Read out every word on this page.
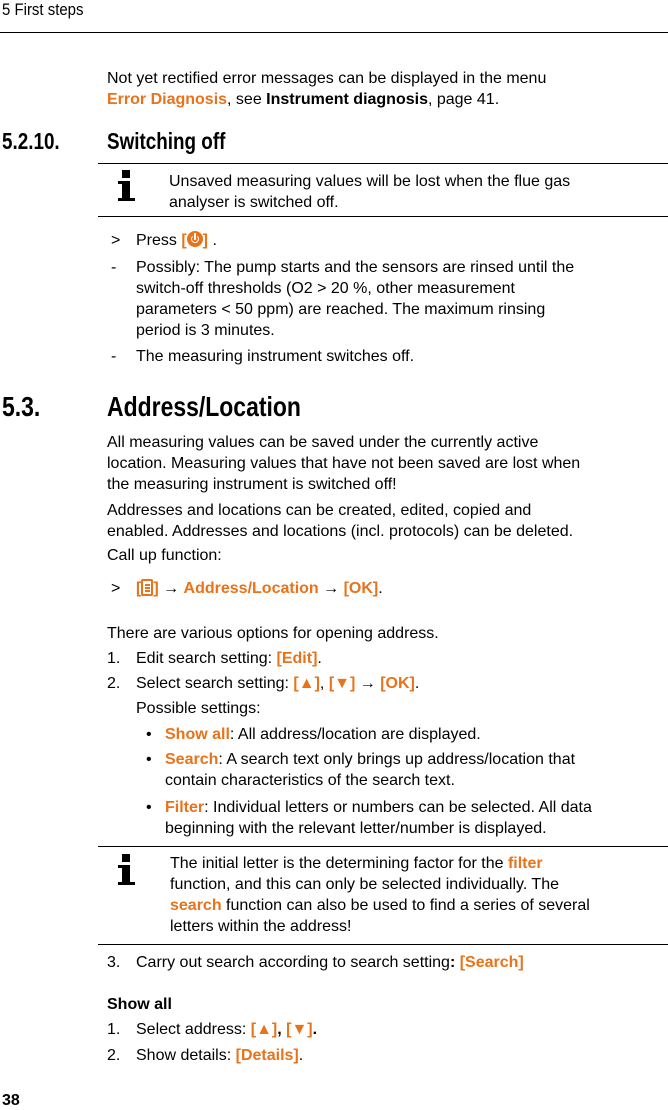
5 First steps
Not yet rectified error messages can be displayed in the menu
Error Diagnosis, see Instrument diagnosis, page 41.
5.2.10. Switching off
Unsaved measuring values will be lost when the flue gas
analyser is switched off.
> Press [ ] .
- Possibly: The pump starts and the sensors are rinsed until the
switch-off thresholds (O2 > 20 %, other measurement
parameters < 50 ppm) are reached. The maximum rinsing
period is 3 minutes.
- The measuring instrument switches off.
5.3. Address/Location
All measuring values can be saved under the currently active
location. Measuring values that have not been saved are lost when
the measuring instrument is switched off!
Addresses and locations can be created, edited, copied and
enabled. Addresses and locations (incl. protocols) can be deleted.
Call up function:
> [ ] → Address/Location → [OK].
There are various options for opening address.
1. Edit search setting: [Edit].
2. Select search setting: [▲], [▼] → [OK].
Possible settings:
• Show all: All address/location are displayed.
• Search: A search text only brings up address/location that
contain characteristics of the search text.
• Filter: Individual letters or numbers can be selected. All data
beginning with the relevant letter/number is displayed.
The initial letter is the determining factor for the filter
function, and this can only be selected individually. The
search function can also be used to find a series of several
letters within the address!
3. Carry out search according to search setting: [Search]
Show all
1. Select address: [▲], [▼].
2. Show details: [Details].
38
